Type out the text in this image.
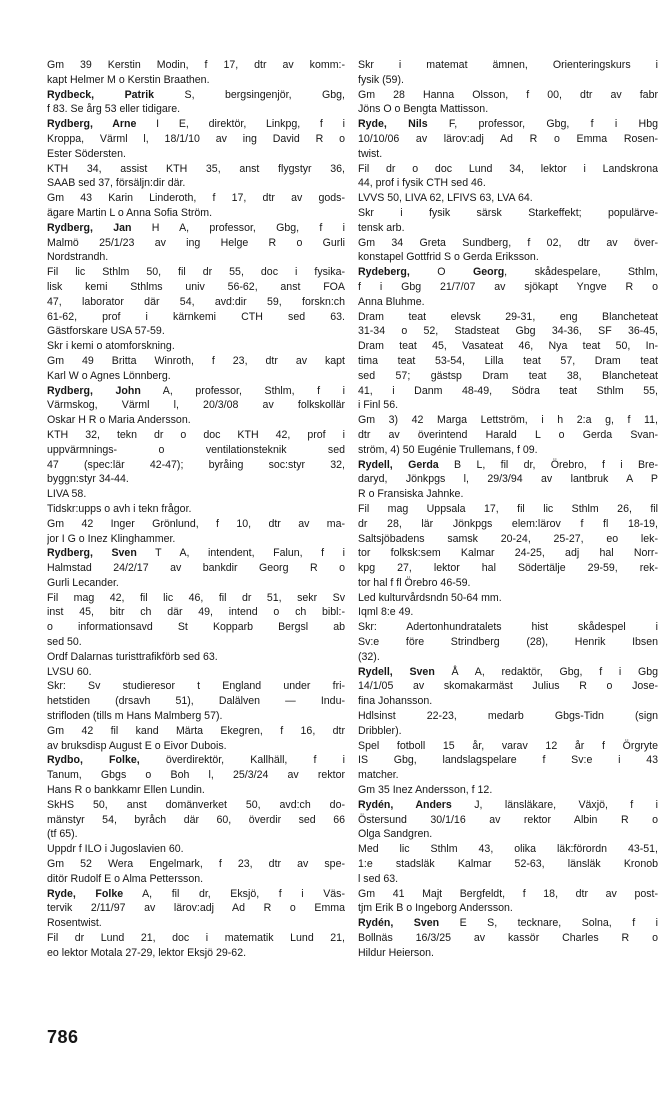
Gm 39 Kerstin Modin, f 17, dtr av komm:-
kapt Helmer M o Kerstin Braathen.
Rydbeck, Patrik S, bergsingenjör, Gbg,
f 83. Se årg 53 eller tidigare.
Rydberg, Arne I E, direktör, Linkpg, f i
Kroppa, Värml l, 18/1/10 av ing David R o
Ester Södersten.
KTH 34, assist KTH 35, anst flygstyr 36,
SAAB sed 37, försäljn:dir där.
Gm 43 Karin Linderoth, f 17, dtr av gods-
ägare Martin L o Anna Sofia Ström.
Rydberg, Jan H A, professor, Gbg, f i
Malmö 25/1/23 av ing Helge R o Gurli
Nordstrandh.
Fil lic Sthlm 50, fil dr 55, doc i fysika-
lisk kemi Sthlms univ 56-62, anst FOA
47, laborator där 54, avd:dir 59, forskn:ch
61-62, prof i kärnkemi CTH sed 63.
Gästforskare USA 57-59.
Skr i kemi o atomforskning.
Gm 49 Britta Winroth, f 23, dtr av kapt
Karl W o Agnes Lönnberg.
Rydberg, John A, professor, Sthlm, f i
Värmskog, Värml l, 20/3/08 av folkskollär
Oskar H R o Maria Andersson.
KTH 32, tekn dr o doc KTH 42, prof i
uppvärmnings- o ventilationsteknik sed
47 (spec:lär 42-47); byråing soc:styr 32,
byggn:styr 34-44.
LIVA 58.
Tidskr:upps o avh i tekn frågor.
Gm 42 Inger Grönlund, f 10, dtr av ma-
jor I G o Inez Klinghammer.
Rydberg, Sven T A, intendent, Falun, f i
Halmstad 24/2/17 av bankdir Georg R o
Gurli Lecander.
Fil mag 42, fil lic 46, fil dr 51, sekr Sv
inst 45, bitr ch där 49, intend o ch bibl:-
o informationsavd St Kopparb Bergsl ab
sed 50.
Ordf Dalarnas turisttrafikförb sed 63.
LVSU 60.
Skr: Sv studieresor t England under fri-
hetstiden (drsavh 51), Dalälven — Indu-
strifloden (tills m Hans Malmberg 57).
Gm 42 fil kand Märta Ekegren, f 16, dtr
av bruksdisp August E o Eivor Dubois.
Rydbo, Folke, överdirektör, Kallhäll, f i
Tanum, Gbgs o Boh l, 25/3/24 av rektor
Hans R o bankkamr Ellen Lundin.
SkHS 50, anst domänverket 50, avd:ch do-
mänstyr 54, byråch där 60, överdir sed 66
(tf 65).
Uppdr f ILO i Jugoslavien 60.
Gm 52 Wera Engelmark, f 23, dtr av spe-
ditör Rudolf E o Alma Pettersson.
Ryde, Folke A, fil dr, Eksjö, f i Väs-
tervik 2/11/97 av lärov:adj Ad R o Emma
Rosentwist.
Fil dr Lund 21, doc i matematik Lund 21,
eo lektor Motala 27-29, lektor Eksjö 29-62.
Skr i matemat ämnen, Orienteringskurs i
fysik (59).
Gm 28 Hanna Olsson, f 00, dtr av fabr
Jöns O o Bengta Mattisson.
Ryde, Nils F, professor, Gbg, f i Hbg
10/10/06 av lärov:adj Ad R o Emma Rosen-
twist.
Fil dr o doc Lund 34, lektor i Landskrona
44, prof i fysik CTH sed 46.
LVVS 50, LIVA 62, LFIVS 63, LVA 64.
Skr i fysik särsk Starkeffekt; populärve-
tensk arb.
Gm 34 Greta Sundberg, f 02, dtr av över-
konstapel Gottfrid S o Gerda Eriksson.
Rydeberg, O Georg, skådespelare, Sthlm,
f i Gbg 21/7/07 av sjökapt Yngve R o
Anna Bluhme.
Dram teat elevsk 29-31, eng Blancheteat
31-34 o 52, Stadsteat Gbg 34-36, SF 36-45,
Dram teat 45, Vasateat 46, Nya teat 50, In-
tima teat 53-54, Lilla teat 57, Dram teat
sed 57; gästsp Dram teat 38, Blancheteat
41, i Danm 48-49, Södra teat Sthlm 55,
i Finl 56.
Gm 3) 42 Marga Lettström, i h 2:a g, f 11,
dtr av överintend Harald L o Gerda Svan-
ström, 4) 50 Eugénie Trullemans, f 09.
Rydell, Gerda B L, fil dr, Örebro, f i Bre-
daryd, Jönkpgs l, 29/3/94 av lantbruk A P
R o Fransiska Jahnke.
Fil mag Uppsala 17, fil lic Sthlm 26, fil
dr 28, lär Jönkpgs elem:lärov f fl 18-19,
Saltsjöbadens samsk 20-24, 25-27, eo lek-
tor folksk:sem Kalmar 24-25, adj hal Norr-
kpg 27, lektor hal Södertälje 29-59, rek-
tor hal f fl Örebro 46-59.
Led kulturvårdsndn 50-64 mm.
Iqml 8:e 49.
Skr: Adertonhundratalets hist skådespel i
Sv:e före Strindberg (28), Henrik Ibsen
(32).
Rydell, Sven Å A, redaktör, Gbg, f i Gbg
14/1/05 av skomakarmäst Julius R o Jose-
fina Johansson.
Hdlsinst 22-23, medarb Gbgs-Tidn (sign
Dribbler).
Spel fotboll 15 år, varav 12 år f Örgryte
IS Gbg, landslagspelare f Sv:e i 43
matcher.
Gm 35 Inez Andersson, f 12.
Rydén, Anders J, länsläkare, Växjö, f i
Östersund 30/1/16 av rektor Albin R o
Olga Sandgren.
Med lic Sthlm 43, olika läk:förordn 43-51,
1:e stadsläk Kalmar 52-63, länsläk Kronob
l sed 63.
Gm 41 Majt Bergfeldt, f 18, dtr av post-
tjm Erik B o Ingeborg Andersson.
Rydén, Sven E S, tecknare, Solna, f i
Bollnäs 16/3/25 av kassör Charles R o
Hildur Heierson.
786
